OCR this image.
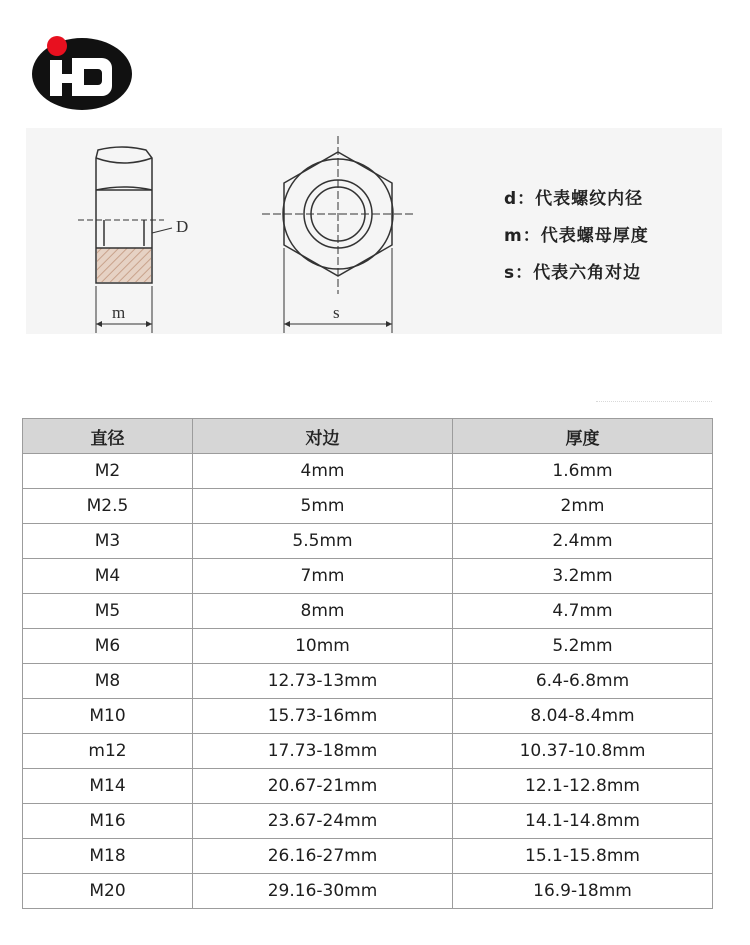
D
m	s
d：代表螺纹内径
m：代表螺母厚度
s：代表六角对边
直径	对边	厚度
M2	4mm	1.6mm
M2.5	5mm	2mm
M3	5.5mm	2.4mm
M4	7mm	3.2mm
M5	8mm	4.7mm
M6	10mm	5.2mm
M8	12.73-13mm	6.4-6.8mm
M10	15.73-16mm	8.04-8.4mm
m12	17.73-18mm	10.37-10.8mm
M14	20.67-21mm	12.1-12.8mm
M16	23.67-24mm	14.1-14.8mm
M18	26.16-27mm	15.1-15.8mm
M20	29.16-30mm	16.9-18mm
